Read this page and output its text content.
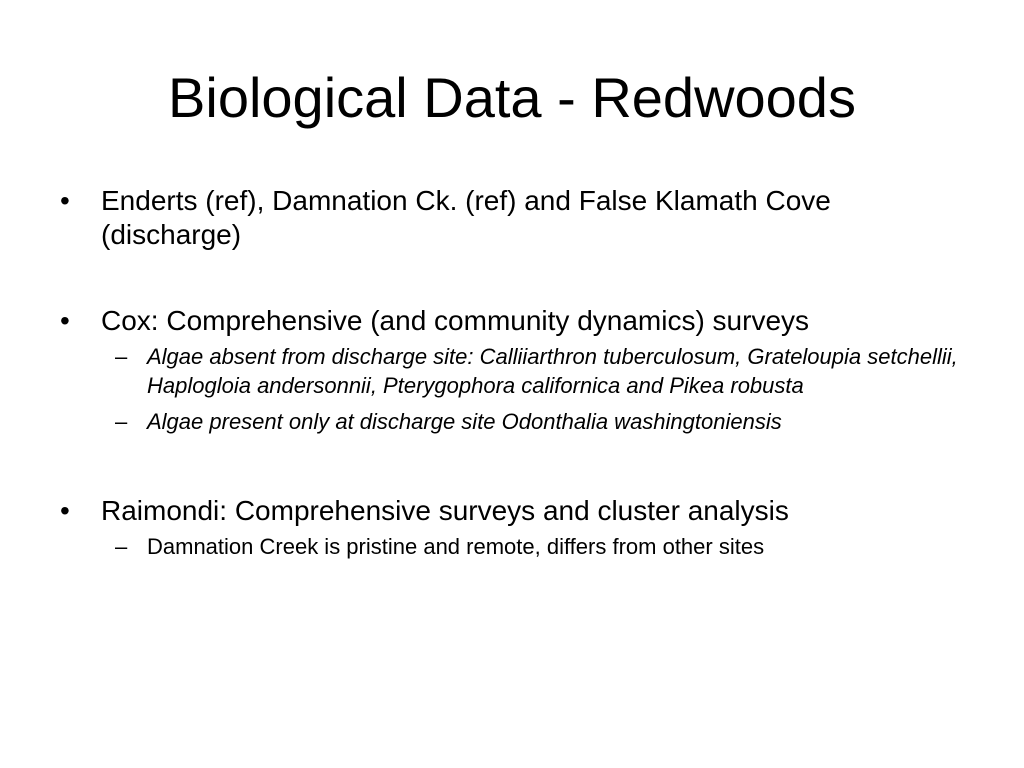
Biological Data - Redwoods
• Enderts (ref), Damnation Ck. (ref) and False Klamath Cove (discharge)
• Cox: Comprehensive (and community dynamics) surveys
– Algae absent from discharge site: Calliiarthron tuberculosum, Grateloupia setchellii, Haplogloia andersonnii, Pterygophora californica and Pikea robusta
– Algae present only at discharge site Odonthalia washingtoniensis
• Raimondi: Comprehensive surveys and cluster analysis
– Damnation Creek is pristine and remote, differs from other sites
